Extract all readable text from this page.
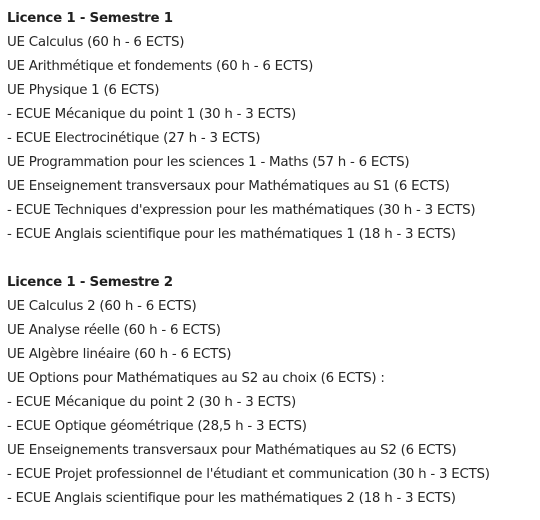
Licence 1 - Semestre 1
UE Calculus (60 h - 6 ECTS)
UE Arithmétique et fondements (60 h - 6 ECTS)
UE Physique 1 (6 ECTS)
- ECUE Mécanique du point 1 (30 h - 3 ECTS)
- ECUE Electrocinétique (27 h - 3 ECTS)
UE Programmation pour les sciences 1 - Maths (57 h - 6 ECTS)
UE Enseignement transversaux pour Mathématiques au S1 (6 ECTS)
- ECUE Techniques d'expression pour les mathématiques (30 h - 3 ECTS)
- ECUE Anglais scientifique pour les mathématiques 1 (18 h - 3 ECTS)
Licence 1 - Semestre 2
UE Calculus 2 (60 h - 6 ECTS)
UE Analyse réelle (60 h - 6 ECTS)
UE Algèbre linéaire (60 h - 6 ECTS)
UE Options pour Mathématiques au S2 au choix (6 ECTS) :
- ECUE Mécanique du point 2 (30 h - 3 ECTS)
- ECUE Optique géométrique (28,5 h - 3 ECTS)
UE Enseignements transversaux pour Mathématiques au S2 (6 ECTS)
- ECUE Projet professionnel de l'étudiant et communication (30 h - 3 ECTS)
- ECUE Anglais scientifique pour les mathématiques 2 (18 h - 3 ECTS)
